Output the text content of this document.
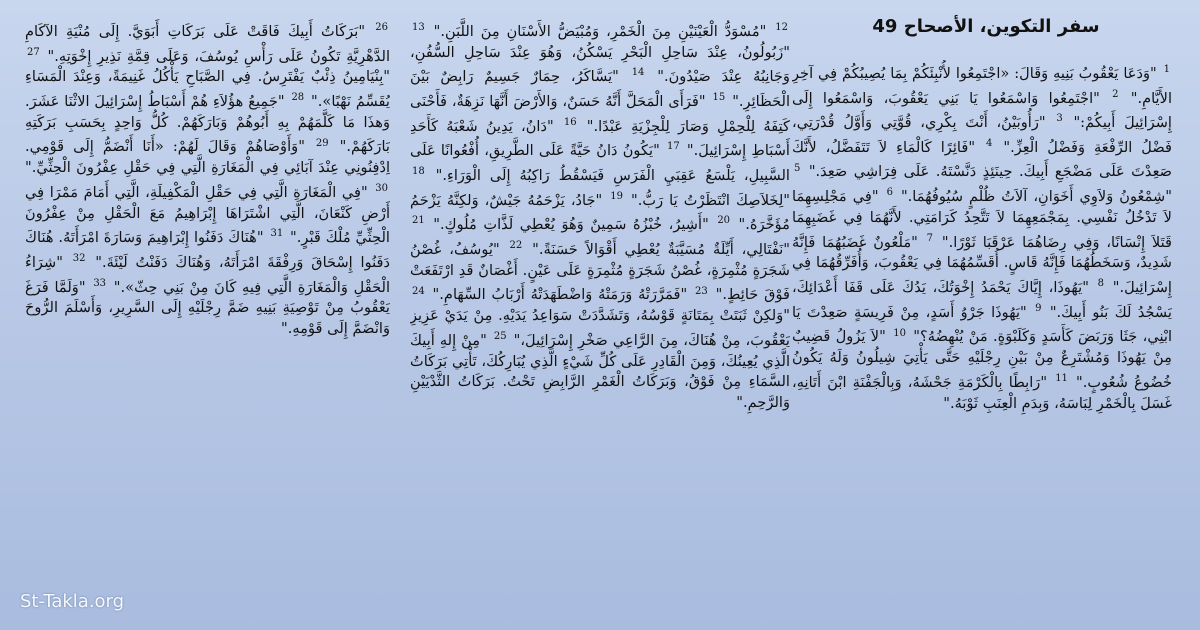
سفر التكوين، الأصحاح 49
$^1$ "وَدَعَا يَعْقُوبُ بَنِيهِ وَقَالَ: «اجْتَمِعُوا لأُنْبِئَكُمْ بِمَا يُصِيبُكُمْ فِي آخِرِ الأَيَّامِ." $^2$ "اجْتَمِعُوا وَاسْمَعُوا يَا بَنِي يَعْقُوبَ، وَاسْمَعُوا إِلَى إِسْرَائِيلَ أَبِيكُمْ:" $^3$ "رَأُوبَيْنُ، أَنْتَ بِكْرِي، قُوَّتِي وَأَوَّلُ قُدْرَتِي، فَضْلُ الرِّفْعَةِ وَفَضْلُ الْعِزِّ." $^4$ "فَائِرًا كَالْمَاءِ لاَ تَتَفَضَّلُ، لأَنَّكَ صَعِدْتَ عَلَى مَضْجَعِ أَبِيكَ. حِينَئِذٍ دَنَّسْتَهُ. عَلَى فِرَاشِي صَعِدَ." $^5$ "شِمْعُونُ وَلاَوِي أَخَوَانِ، آلاَتُ ظُلْمٍ سُيُوفُهُمَا." $^6$ "فِي مَجْلِسِهِمَا لاَ تَدْخُلُ نَفْسِي. بِمَجْمَعِهِمَا لاَ تَتَّحِدُ كَرَامَتِي. لأَنَّهُمَا فِي غَضَبِهِمَا قَتَلاَ إِنْسَانًا، وَفِي رِضَاهُمَا عَرْقَبَا ثَوْرًا." $^7$ "مَلْعُونٌ غَضَبُهُمَا فَإِنَّهُ شَدِيدٌ، وَسَخَطُهُمَا فَإِنَّهُ قَاسٍ. أُقَسِّمُهُمَا فِي يَعْقُوبَ، وَأُفَرِّقُهُمَا فِي إِسْرَائِيلَ." $^8$ "يَهُوذَا، إِيَّاكَ يَحْمَدُ إِخْوَتُكَ، يَدُكَ عَلَى قَفَا أَعْدَائِكَ، يَسْجُدُ لَكَ بَنُو أَبِيكَ." $^9$ "يَهُوذَا جَرْوُ أَسَدٍ، مِنْ فَرِيسَةٍ صَعِدْتَ يَا ابْنِي، جَثَا وَرَبَضَ كَأَسَدٍ وَكَلَبْوَةٍ. مَنْ يُنْهِضُهُ؟" $^{10}$ "لاَ يَزُولُ قَضِيبٌ مِنْ يَهُوذَا وَمُشْتَرِعٌ مِنْ بَيْنِ رِجْلَيْهِ حَتَّى يَأْتِيَ شِيلُونُ وَلَهُ يَكُونُ خُضُوعُ شُعُوبٍ." $^{11}$ "رَابِطًا بِالْكَرْمَةِ جَحْشَهُ، وَبِالْجَفْنَةِ ابْنَ أَتَانِهِ، غَسَلَ بِالْخَمْرِ لِبَاسَهُ، وَبِدَمِ الْعِنَبِ ثَوْبَهُ."
$^{12}$ "مُسْوَدُّ الْعَيْنَيْنِ مِنَ الْخَمْرِ، وَمُبْيَضُّ الأَسْنَانِ مِنَ اللَّبَنِ." $^{13}$ "زَبُولُونُ، عِنْدَ سَاحِلِ الْبَحْرِ يَسْكُنُ، وَهُوَ عِنْدَ سَاحِلِ السُّفُنِ، وَجَانِبُهُ عِنْدَ صَيْدُونَ." $^{14}$ "يَسَّاكَرُ، حِمَارٌ جَسِيمٌ رَابِضٌ بَيْنَ الْحَظَائِرِ." $^{15}$ "فَرَأَى الْمَحَلَّ أَنَّهُ حَسَنٌ، وَالأَرْضَ أَنَّهَا نَزِهَةٌ، فَأَحْنَى كَتِفَهُ لِلْحِمْلِ وَصَارَ لِلْجِزْيَةِ عَبْدًا." $^{16}$ "دَانُ، يَدِينُ شَعْبَهُ كَأَحَدِ أَسْبَاطِ إِسْرَائِيلَ." $^{17}$ "يَكُونُ دَانُ حَيَّةً عَلَى الطَّرِيقِ، أُفْعُوانًا عَلَى السَّبِيلِ، يَلْسَعُ عَقِبَيِ الْفَرَسِ فَيَسْقُطُ رَاكِبُهُ إِلَى الْوَرَاءِ." $^{18}$ "لِخَلاَصِكَ انْتَظَرْتُ يَا رَبُّ." $^{19}$ "جَادُ، يَزْحَمُهُ جَيْشٌ، وَلكِنَّهُ يَزْحَمُ مُؤَخَّرَهُ." $^{20}$ "أَشِيرُ، خُبْزُهُ سَمِينٌ وَهُوَ يُعْطِي لَذَّاتِ مُلُوكٍ." $^{21}$ "نَفْتَالِي، أَيِّلَةٌ مُسَيَّبَةٌ يُعْطِي أَقْوَالاً حَسَنَةً." $^{22}$ "يُوسُفُ، غُصْنُ شَجَرَةٍ مُثْمِرَةٍ، غُصْنُ شَجَرَةٍ مُثْمِرَةٍ عَلَى عَيْنٍ. أَغْصَانٌ قَدِ ارْتَفَعَتْ فَوْقَ حَائِطٍ." $^{23}$ "فَمَرَّرَتْهُ وَرَمَتْهُ وَاضْطَهَدَتْهُ أَرْبَابُ السِّهَامِ." $^{24}$ "وَلكِنْ ثَبَتَتْ بِمَتَانَةٍ قَوْسُهُ، وَتَشَدَّدَتْ سَوَاعِدُ يَدَيْهِ. مِنْ يَدَيْ عَزِيزِ يَعْقُوبَ، مِنْ هُنَاكَ، مِنَ الرَّاعِي صَخْرِ إِسْرَائِيلَ،" $^{25}$ "مِنْ إِلهِ أَبِيكَ الَّذِي يُعِينُكَ، وَمِنَ الْقَادِرِ عَلَى كُلِّ شَيْءٍ الَّذِي يُبَارِكُكَ، تَأْتِي بَرَكَاتُ السَّمَاءِ مِنْ فَوْقُ، وَبَرَكَاتُ الْغَمْرِ الرَّابِضِ تَحْتُ. بَرَكَاتُ الثَّدْيَيْنِ وَالرَّحِمِ."
$^{26}$ "بَرَكَاتُ أَبِيكَ فَاقَتْ عَلَى بَرَكَاتِ أَبَوَيَّ. إِلَى مُنْيَةِ الآكَامِ الدَّهْرِيَّةِ تَكُونُ عَلَى رَأْسِ يُوسُفَ، وَعَلَى قِمَّةِ نَذِيرِ إِخْوَتِهِ." $^{27}$ "بِنْيَامِينُ ذِئْبٌ يَفْتَرِسُ. فِي الصَّبَاحِ يَأْكُلُ غَنِيمَةً، وَعِنْدَ الْمَسَاءِ يُقَسِّمُ نَهْبًا»." $^{28}$ "جَمِيعُ هؤُلاَءِ هُمْ أَسْبَاطُ إِسْرَائِيلَ الاثْنَا عَشَرَ. وَهذَا مَا كَلَّمَهُمْ بِهِ أَبُوهُمْ وَبَارَكَهُمْ. كُلُّ وَاحِدٍ بِحَسَبِ بَرَكَتِهِ بَارَكَهُمْ." $^{29}$ "وَأَوْصَاهُمْ وَقَالَ لَهُمْ: «أَنَا أَنْضَمُّ إِلَى قَوْمِي. اِدْفِنُونِي عِنْدَ آبَائِي فِي الْمَغَارَةِ الَّتِي فِي حَقْلِ عِفْرُونَ الْحِثِّيِّ." $^{30}$ "فِي الْمَغَارَةِ الَّتِي فِي حَقْلِ الْمَكْفِيلَةِ، الَّتِي أَمَامَ مَمْرَا فِي أَرْضِ كَنْعَانَ، الَّتِي اشْتَرَاهَا إِبْرَاهِيمُ مَعَ الْحَقْلِ مِنْ عِفْرُونَ الْحِثِّيِّ مُلْكَ قَبْرٍ." $^{31}$ "هُنَاكَ دَفَنُوا إِبْرَاهِيمَ وَسَارَةَ امْرَأَتَهُ. هُنَاكَ دَفَنُوا إِسْحَاقَ وَرِفْقَةَ امْرَأَتَهُ، وَهُنَاكَ دَفَنْتُ لَيْئَةَ." $^{32}$ "شِرَاءُ الْحَقْلِ وَالْمَغَارَةِ الَّتِي فِيهِ كَانَ مِنْ بَنِي حِثّ»." $^{33}$ "وَلَمَّا فَرَغَ يَعْقُوبُ مِنْ تَوْصِيَةِ بَنِيهِ ضَمَّ رِجْلَيْهِ إِلَى السَّرِيرِ، وَأَسْلَمَ الرُّوحَ وَانْضَمَّ إِلَى قَوْمِهِ."
St-Takla.org
